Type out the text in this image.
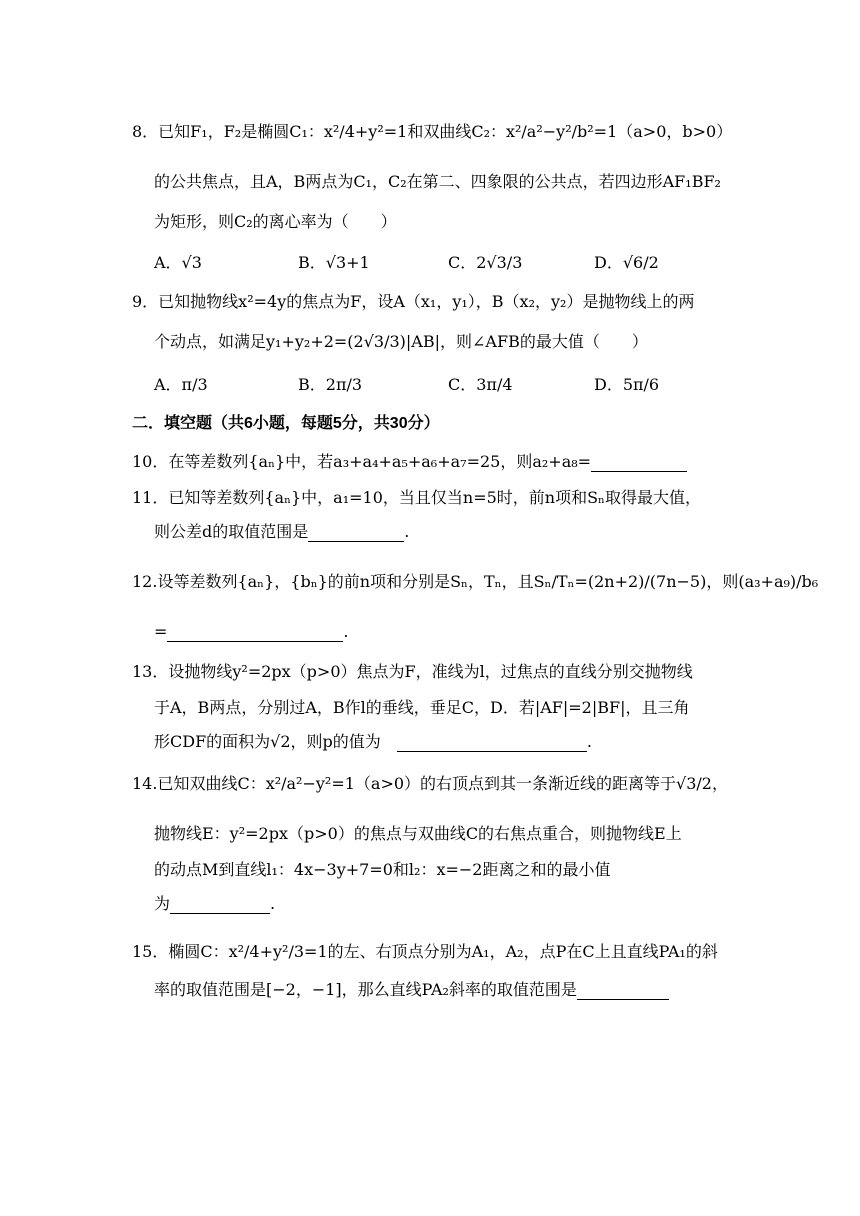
8．已知F₁，F₂是椭圆C₁：x²/4+y²=1和双曲线C₂：x²/a²−y²/b²=1（a>0，b>0）
的公共焦点，且A，B两点为C₁，C₂在第二、四象限的公共点，若四边形AF₁BF₂
为矩形，则C₂的离心率为（　　）
A．√3	B．√3+1	C．2√3/3	D．√6/2
9．已知抛物线x²=4y的焦点为F，设A（x₁，y₁），B（x₂，y₂）是抛物线上的两
个动点，如满足y₁+y₂+2=(2√3/3)|AB|，则∠AFB的最大值（　　）
A．π/3	B．2π/3	C．3π/4	D．5π/6
二．填空题（共6小题，每题5分，共30分）
10．在等差数列{aₙ}中，若a₃+a₄+a₅+a₆+a₇=25，则a₂+a₈=
11．已知等差数列{aₙ}中，a₁=10，当且仅当n=5时，前n项和Sₙ取得最大值，
则公差d的取值范围是	.
12.设等差数列{aₙ}，{bₙ}的前n项和分别是Sₙ，Tₙ，且Sₙ/Tₙ=(2n+2)/(7n−5)，则(a₃+a₉)/b₆
=	.
13．设抛物线y²=2px（p>0）焦点为F，准线为l，过焦点的直线分别交抛物线
于A，B两点，分别过A，B作l的垂线，垂足C，D．若|AF|=2|BF|，且三角
形CDF的面积为√2，则p的值为　	.
14.已知双曲线C：x²/a²−y²=1（a>0）的右顶点到其一条渐近线的距离等于√3/2，
抛物线E：y²=2px（p>0）的焦点与双曲线C的右焦点重合，则抛物线E上
的动点M到直线l₁：4x−3y+7=0和l₂：x=−2距离之和的最小值
为	.
15．椭圆C：x²/4+y²/3=1的左、右顶点分别为A₁，A₂，点P在C上且直线PA₁的斜
率的取值范围是[−2，−1]，那么直线PA₂斜率的取值范围是
